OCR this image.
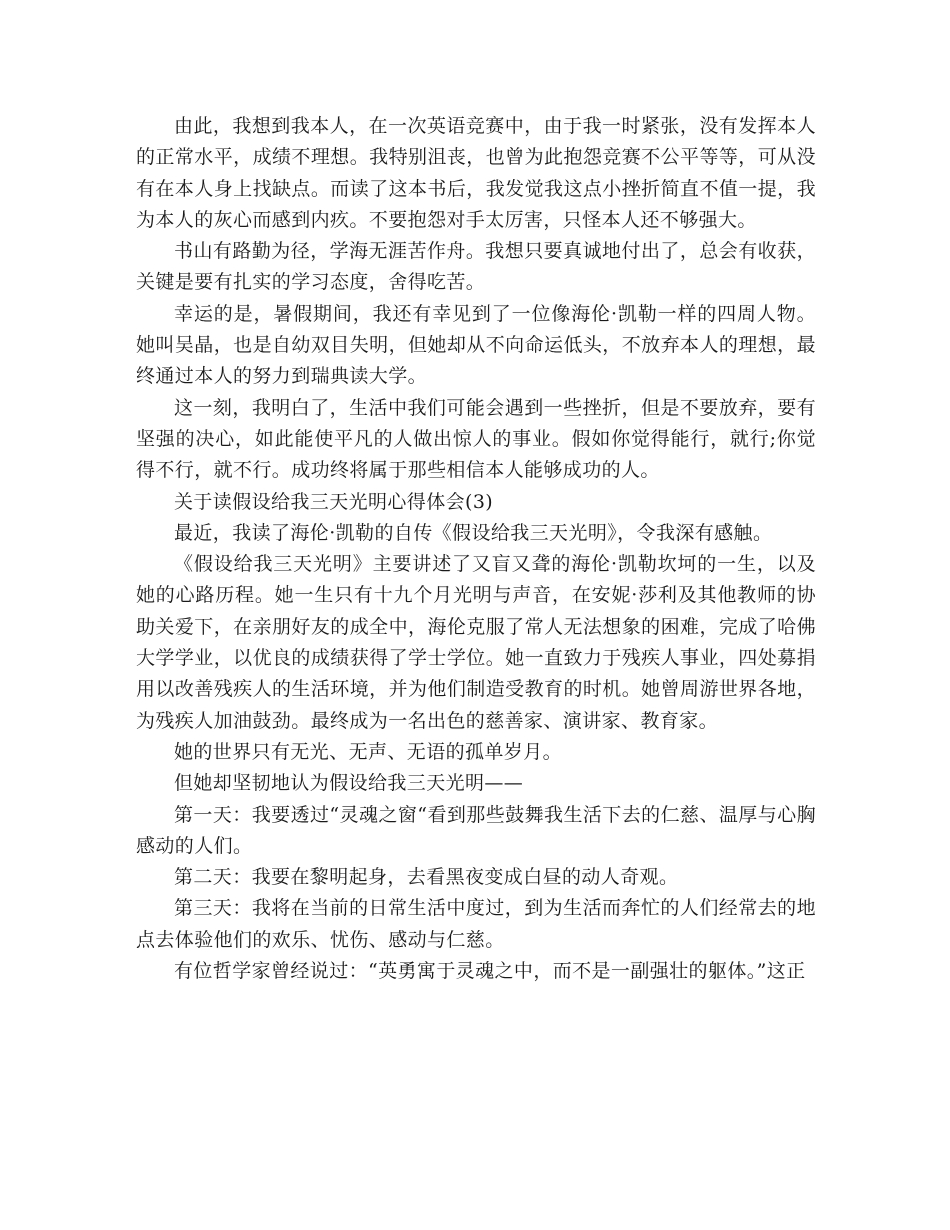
由此，我想到我本人，在一次英语竞赛中，由于我一时紧张，没有发挥本人的正常水平，成绩不理想。我特别沮丧，也曾为此抱怨竞赛不公平等等，可从没有在本人身上找缺点。而读了这本书后，我发觉我这点小挫折简直不值一提，我为本人的灰心而感到内疚。不要抱怨对手太厉害，只怪本人还不够强大。

书山有路勤为径，学海无涯苦作舟。我想只要真诚地付出了，总会有收获，关键是要有扎实的学习态度，舍得吃苦。

幸运的是，暑假期间，我还有幸见到了一位像海伦·凯勒一样的四周人物。她叫吴晶，也是自幼双目失明，但她却从不向命运低头，不放弃本人的理想，最终通过本人的努力到瑞典读大学。

这一刻，我明白了，生活中我们可能会遇到一些挫折，但是不要放弃，要有坚强的决心，如此能使平凡的人做出惊人的事业。假如你觉得能行，就行;你觉得不行，就不行。成功终将属于那些相信本人能够成功的人。

关于读假设给我三天光明心得体会(3)

最近，我读了海伦·凯勒的自传《假设给我三天光明》，令我深有感触。

《假设给我三天光明》主要讲述了又盲又聋的海伦·凯勒坎坷的一生，以及她的心路历程。她一生只有十九个月光明与声音，在安妮·莎利及其他教师的协助关爱下，在亲朋好友的成全中，海伦克服了常人无法想象的困难，完成了哈佛大学学业，以优良的成绩获得了学士学位。她一直致力于残疾人事业，四处募捐用以改善残疾人的生活环境，并为他们制造受教育的时机。她曾周游世界各地，为残疾人加油鼓劲。最终成为一名出色的慈善家、演讲家、教育家。

她的世界只有无光、无声、无语的孤单岁月。

但她却坚韧地认为假设给我三天光明——

第一天：我要透过“灵魂之窗“看到那些鼓舞我生活下去的仁慈、温厚与心胸感动的人们。

第二天：我要在黎明起身，去看黑夜变成白昼的动人奇观。

第三天：我将在当前的日常生活中度过，到为生活而奔忙的人们经常去的地点去体验他们的欢乐、忧伤、感动与仁慈。

有位哲学家曾经说过：“英勇寓于灵魂之中，而不是一副强壮的躯体。”这正
